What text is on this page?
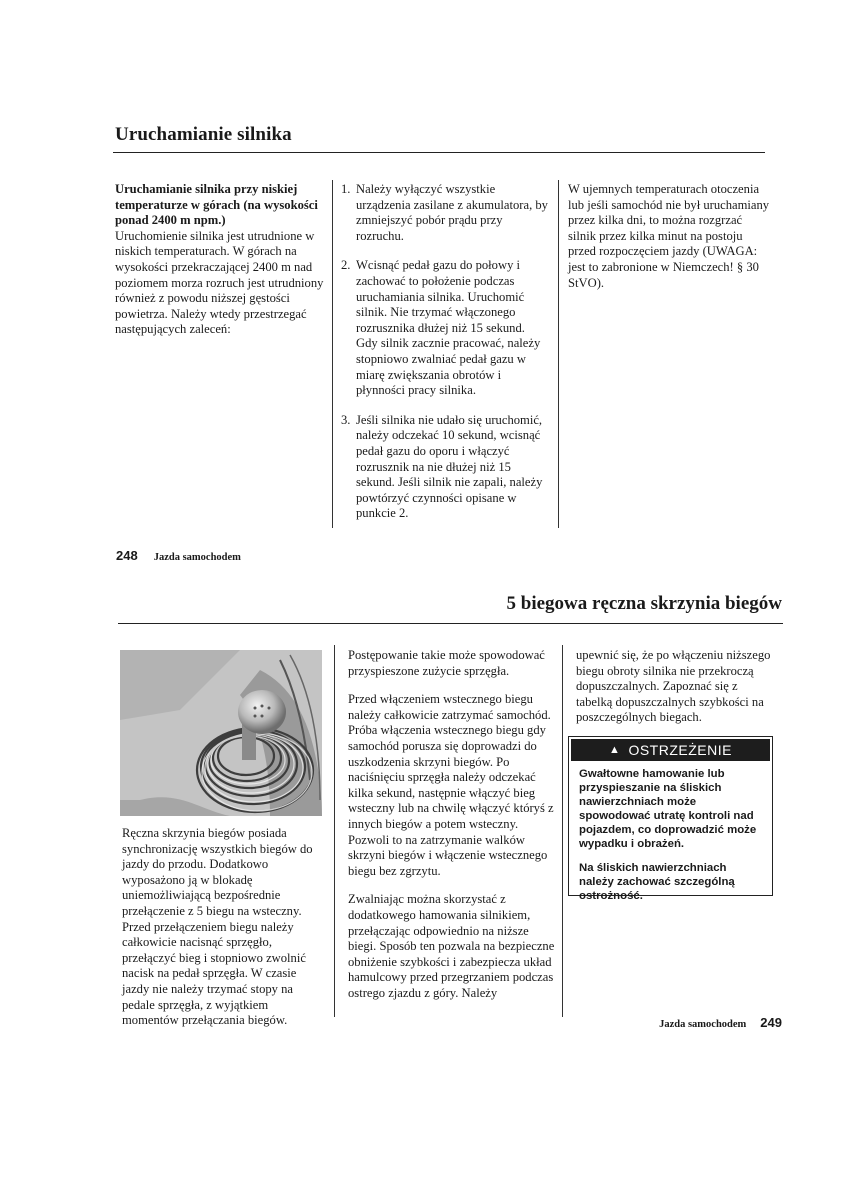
Uruchamianie silnika
Uruchamianie silnika przy niskiej temperaturze w górach (na wysokości ponad 2400 m npm.)
Uruchomienie silnika jest utrudnione w niskich temperaturach. W górach na wysokości przekraczającej 2400 m nad poziomem morza rozruch jest utrudniony również z powodu niższej gęstości powietrza. Należy wtedy przestrzegać następujących zaleceń:
1. Należy wyłączyć wszystkie urządzenia zasilane z akumulatora, by zmniejszyć pobór prądu przy rozruchu.
2. Wcisnąć pedał gazu do połowy i zachować to położenie podczas uruchamiania silnika. Uruchomić silnik. Nie trzymać włączonego rozrusznika dłużej niż 15 sekund. Gdy silnik zacznie pracować, należy stopniowo zwalniać pedał gazu w miarę zwiększania obrotów i płynności pracy silnika.
3. Jeśli silnika nie udało się uruchomić, należy odczekać 10 sekund, wcisnąć pedał gazu do oporu i włączyć rozrusznik na nie dłużej niż 15 sekund. Jeśli silnik nie zapali, należy powtórzyć czynności opisane w punkcie 2.
W ujemnych temperaturach otoczenia lub jeśli samochód nie był uruchamiany przez kilka dni, to można rozgrzać silnik przez kilka minut na postoju przed rozpoczęciem jazdy (UWAGA: jest to zabronione w Niemczech! § 30 StVO).
248 Jazda samochodem
5 biegowa ręczna skrzynia biegów
Ręczna skrzynia biegów posiada synchronizację wszystkich biegów do jazdy do przodu. Dodatkowo wyposażono ją w blokadę uniemożliwiającą bezpośrednie przełączenie z 5 biegu na wsteczny. Przed przełączeniem biegu należy całkowicie nacisnąć sprzęgło, przełączyć bieg i stopniowo zwolnić nacisk na pedał sprzęgła. W czasie jazdy nie należy trzymać stopy na pedale sprzęgła, z wyjątkiem momentów przełączania biegów.

Postępowanie takie może spowodować przyspieszone zużycie sprzęgła.

Przed włączeniem wstecznego biegu należy całkowicie zatrzymać samochód. Próba włączenia wstecznego biegu gdy samochód porusza się doprowadzi do uszkodzenia skrzyni biegów. Po naciśnięciu sprzęgła należy odczekać kilka sekund, następnie włączyć bieg wsteczny lub na chwilę włączyć któryś z innych biegów a potem wsteczny. Pozwoli to na zatrzymanie walków skrzyni biegów i włączenie wstecznego biegu bez zgrzytu.

Zwalniając można skorzystać z dodatkowego hamowania silnikiem, przełączając odpowiednio na niższe biegi. Sposób ten pozwala na bezpieczne obniżenie szybkości i zabezpiecza układ hamulcowy przed przegrzaniem podczas ostrego zjazdu z góry. Należy

upewnić się, że po włączeniu niższego biegu obroty silnika nie przekroczą dopuszczalnych. Zapoznać się z tabelką dopuszczalnych szybkości na poszczególnych biegach.
▲ OSTRZEŻENIE

Gwałtowne hamowanie lub przyspieszanie na śliskich nawierzchniach może spowodować utratę kontroli nad pojazdem, co doprowadzić może wypadku i obrażeń.

Na śliskich nawierzchniach należy zachować szczególną ostrożność.

Jazda samochodem 249
